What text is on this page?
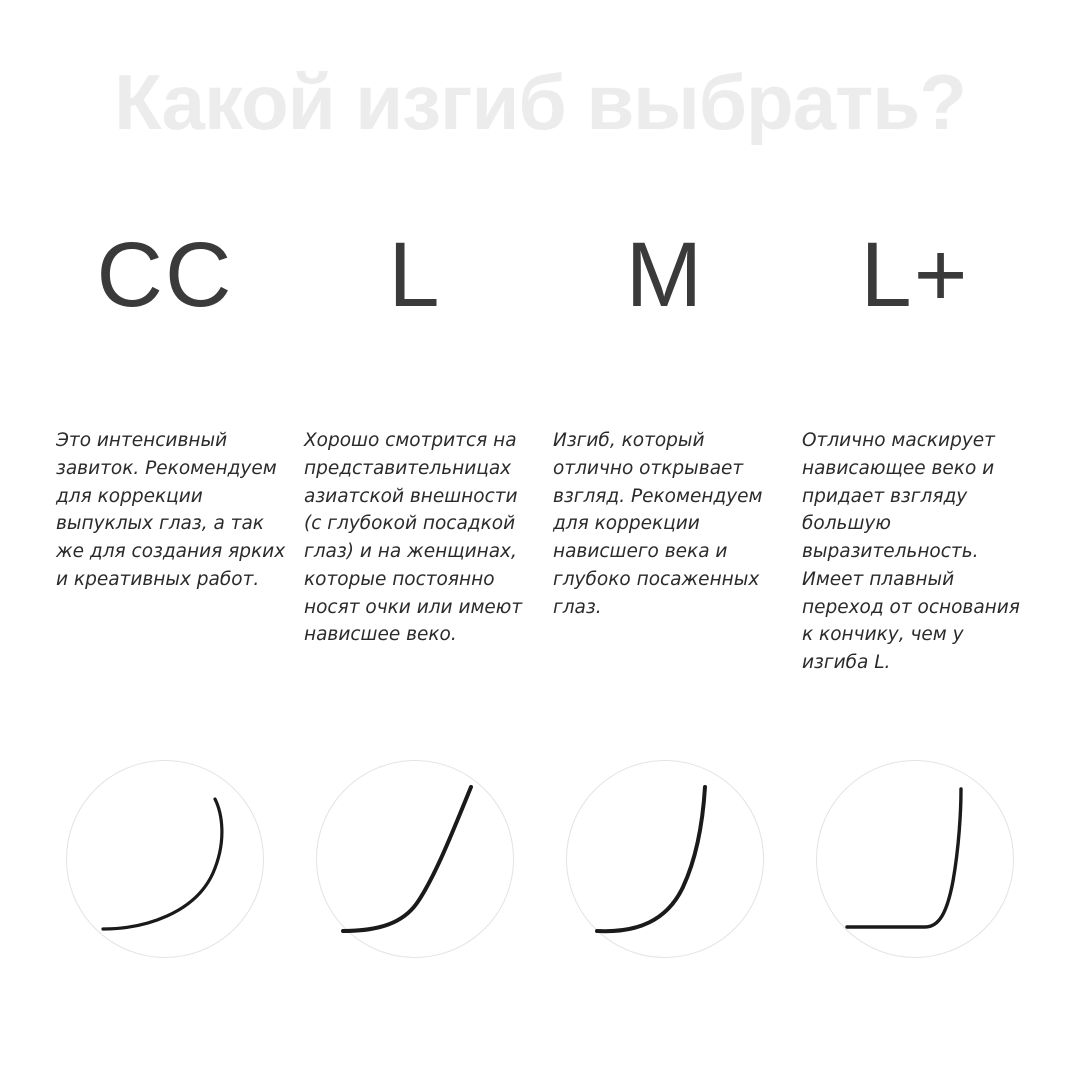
Какой изгиб выбрать?
CC
Это интенсивный завиток. Рекомендуем для коррекции выпуклых глаз, а так же для создания ярких и креативных работ.
L
Хорошо смотрится на представительницах азиатской внешности (с глубокой посадкой глаз) и на женщинах, которые постоянно носят очки или имеют нависшее веко.
M
Изгиб, который отлично открывает взгляд. Рекомендуем для коррекции нависшего века и глубоко посаженных глаз.
L+
Отлично маскирует нависающее веко и придает взгляду большую выразительность. Имеет плавный переход от основания к кончику, чем у изгиба L.
